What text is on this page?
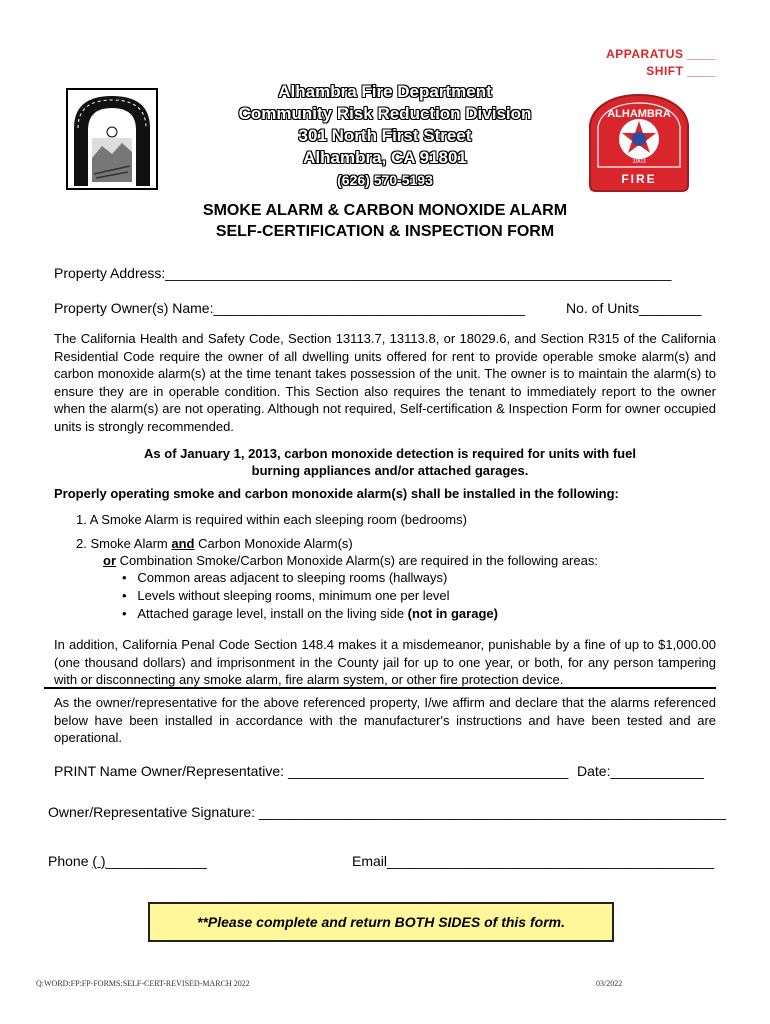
APPARATUS ____
SHIFT ____
Alhambra Fire Department
Community Risk Reduction Division
301 North First Street
Alhambra, CA 91801
(626) 570-5193
ALHAMBRA
1903
FIRE
SMOKE ALARM & CARBON MONOXIDE ALARM
SELF-CERTIFICATION & INSPECTION FORM
Property Address:_________________________________________________________________
Property Owner(s) Name:________________________________________	No. of Units________
The California Health and Safety Code, Section 13113.7, 13113.8, or 18029.6, and Section R315 of the California Residential Code require the owner of all dwelling units offered for rent to provide operable smoke alarm(s) and carbon monoxide alarm(s) at the time tenant takes possession of the unit. The owner is to maintain the alarm(s) to ensure they are in operable condition. This Section also requires the tenant to immediately report to the owner when the alarm(s) are not operating. Although not required, Self-certification & Inspection Form for owner occupied units is strongly recommended.
As of January 1, 2013, carbon monoxide detection is required for units with fuel
burning appliances and/or attached garages.
Properly operating smoke and carbon monoxide alarm(s) shall be installed in the following:
1. A Smoke Alarm is required within each sleeping room (bedrooms)
2. Smoke Alarm and Carbon Monoxide Alarm(s)
or Combination Smoke/Carbon Monoxide Alarm(s) are required in the following areas:
•   Common areas adjacent to sleeping rooms (hallways)
•   Levels without sleeping rooms, minimum one per level
•   Attached garage level, install on the living side (not in garage)
In addition, California Penal Code Section 148.4 makes it a misdemeanor, punishable by a fine of up to $1,000.00 (one thousand dollars) and imprisonment in the County jail for up to one year, or both, for any person tampering with or disconnecting any smoke alarm, fire alarm system, or other fire protection device.
As the owner/representative for the above referenced property, I/we affirm and declare that the alarms referenced below have been installed in accordance with the manufacturer's instructions and have been tested and are operational.
PRINT Name Owner/Representative: ____________________________________ Date:____________
Owner/Representative Signature: ____________________________________________________________
Phone ( )_____________	Email__________________________________________
**Please complete and return BOTH SIDES of this form.
Q:WORD:FP:FP-FORMS:SELF-CERT-REVISED-MARCH 2022	03/2022
